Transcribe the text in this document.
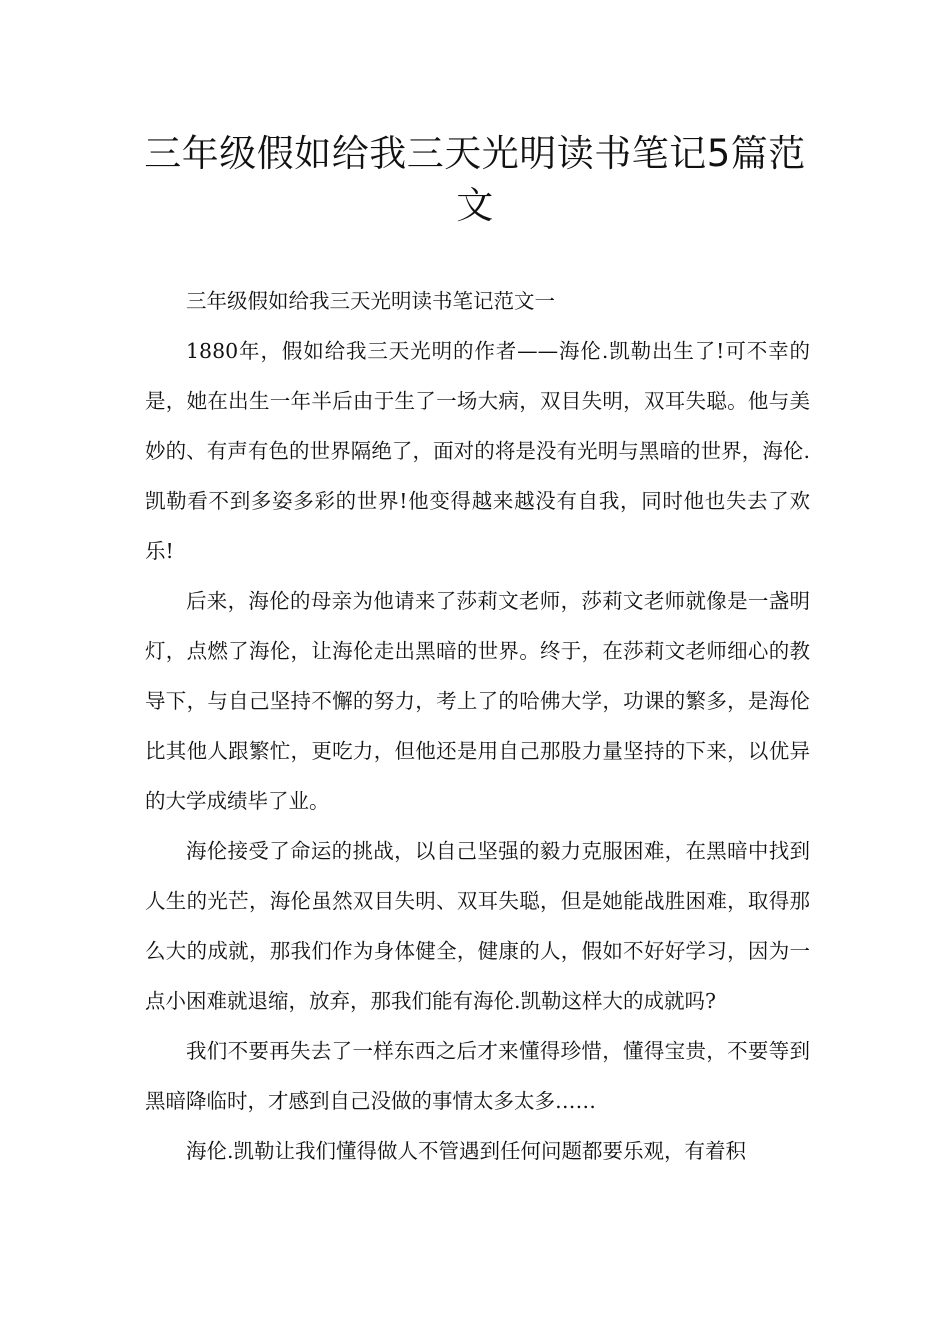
三年级假如给我三天光明读书笔记5篇范文

三年级假如给我三天光明读书笔记范文一

1880年，假如给我三天光明的作者——海伦.凯勒出生了!可不幸的是，她在出生一年半后由于生了一场大病，双目失明，双耳失聪。他与美妙的、有声有色的世界隔绝了，面对的将是没有光明与黑暗的世界，海伦.凯勒看不到多姿多彩的世界!他变得越来越没有自我，同时他也失去了欢乐!

后来，海伦的母亲为他请来了莎莉文老师，莎莉文老师就像是一盏明灯，点燃了海伦，让海伦走出黑暗的世界。终于，在莎莉文老师细心的教导下，与自己坚持不懈的努力，考上了的哈佛大学，功课的繁多，是海伦比其他人跟繁忙，更吃力，但他还是用自己那股力量坚持的下来，以优异的大学成绩毕了业。

海伦接受了命运的挑战，以自己坚强的毅力克服困难，在黑暗中找到人生的光芒，海伦虽然双目失明、双耳失聪，但是她能战胜困难，取得那么大的成就，那我们作为身体健全，健康的人，假如不好好学习，因为一点小困难就退缩，放弃，那我们能有海伦.凯勒这样大的成就吗?

我们不要再失去了一样东西之后才来懂得珍惜，懂得宝贵，不要等到黑暗降临时，才感到自己没做的事情太多太多……

海伦.凯勒让我们懂得做人不管遇到任何问题都要乐观，有着积
